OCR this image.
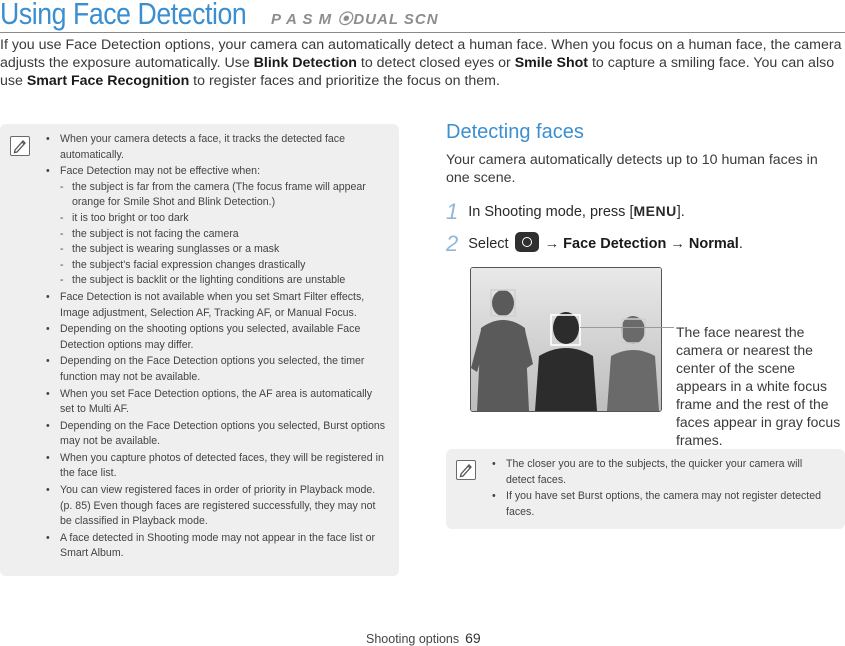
Using Face Detection P A S M ⦿DUAL SCN
If you use Face Detection options, your camera can automatically detect a human face. When you focus on a human face, the camera adjusts the exposure automatically. Use Blink Detection to detect closed eyes or Smile Shot to capture a smiling face. You can also use Smart Face Recognition to register faces and prioritize the focus on them.
• When your camera detects a face, it tracks the detected face automatically.
• Face Detection may not be effective when:
- the subject is far from the camera (The focus frame will appear orange for Smile Shot and Blink Detection.)
- it is too bright or too dark
- the subject is not facing the camera
- the subject is wearing sunglasses or a mask
- the subject's facial expression changes drastically
- the subject is backlit or the lighting conditions are unstable
• Face Detection is not available when you set Smart Filter effects, Image adjustment, Selection AF, Tracking AF, or Manual Focus.
• Depending on the shooting options you selected, available Face Detection options may differ.
• Depending on the Face Detection options you selected, the timer function may not be available.
• When you set Face Detection options, the AF area is automatically set to Multi AF.
• Depending on the Face Detection options you selected, Burst options may not be available.
• When you capture photos of detected faces, they will be registered in the face list.
• You can view registered faces in order of priority in Playback mode. (p. 85) Even though faces are registered successfully, they may not be classified in Playback mode.
• A face detected in Shooting mode may not appear in the face list or Smart Album.
Detecting faces
Your camera automatically detects up to 10 human faces in one scene.
1 In Shooting mode, press [MENU].
2 Select  → Face Detection → Normal.
The face nearest the camera or nearest the center of the scene appears in a white focus frame and the rest of the faces appear in gray focus frames.
• The closer you are to the subjects, the quicker your camera will detect faces.
• If you have set Burst options, the camera may not register detected faces.
Shooting options 69
